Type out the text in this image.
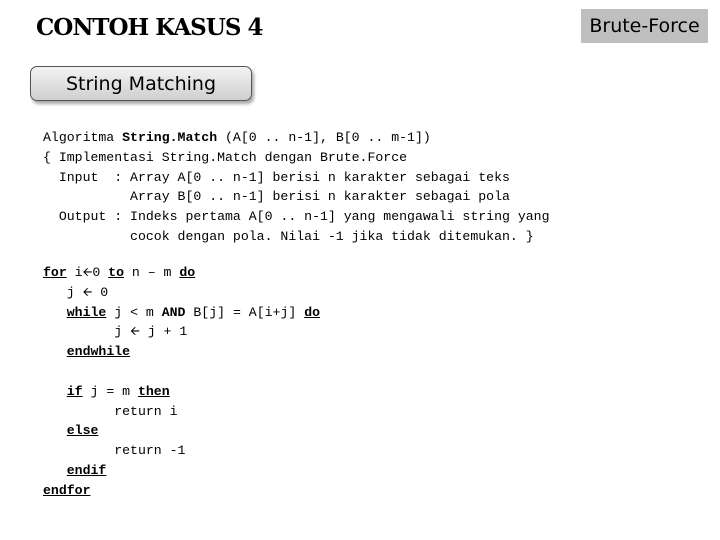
CONTOH KASUS 4	Brute-Force
String Matching
Algoritma String.Match (A[0 .. n-1], B[0 .. m-1])
{ Implementasi String.Match dengan Brute.Force
Input  : Array A[0 .. n-1] berisi n karakter sebagai teks
Array B[0 .. n-1] berisi n karakter sebagai pola
Output : Indeks pertama A[0 .. n-1] yang mengawali string yang
cocok dengan pola. Nilai -1 jika tidak ditemukan. }
for i🡨0 to n – m do
j 🡨 0
while j < m AND B[j] = A[i+j] do
j 🡨 j + 1
endwhile

if j = m then
return i
else
return -1
endif
endfor
